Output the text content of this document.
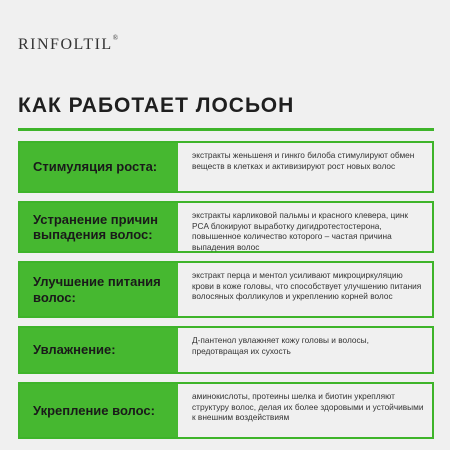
RINFOLTIL®
КАК РАБОТАЕТ ЛОСЬОН
Стимуляция роста:
экстракты женьшеня и гинкго билоба стимулируют обмен веществ в клетках и активизируют рост новых волос
Устранение причин выпадения волос:
экстракты карликовой пальмы и красного клевера, цинк PCA блокируют выработку дигидротестостерона, повышенное количество которого – частая причина выпадения волос
Улучшение питания волос:
экстракт перца и ментол усиливают микроциркуляцию крови в коже головы, что способствует улучшению питания волосяных фолликулов и укреплению корней волос
Увлажнение:
Д-пантенол увлажняет кожу головы и волосы, предотвращая их сухость
Укрепление волос:
аминокислоты, протеины шелка и биотин укрепляют структуру волос, делая их более здоровыми и устойчивыми к внешним воздействиям
